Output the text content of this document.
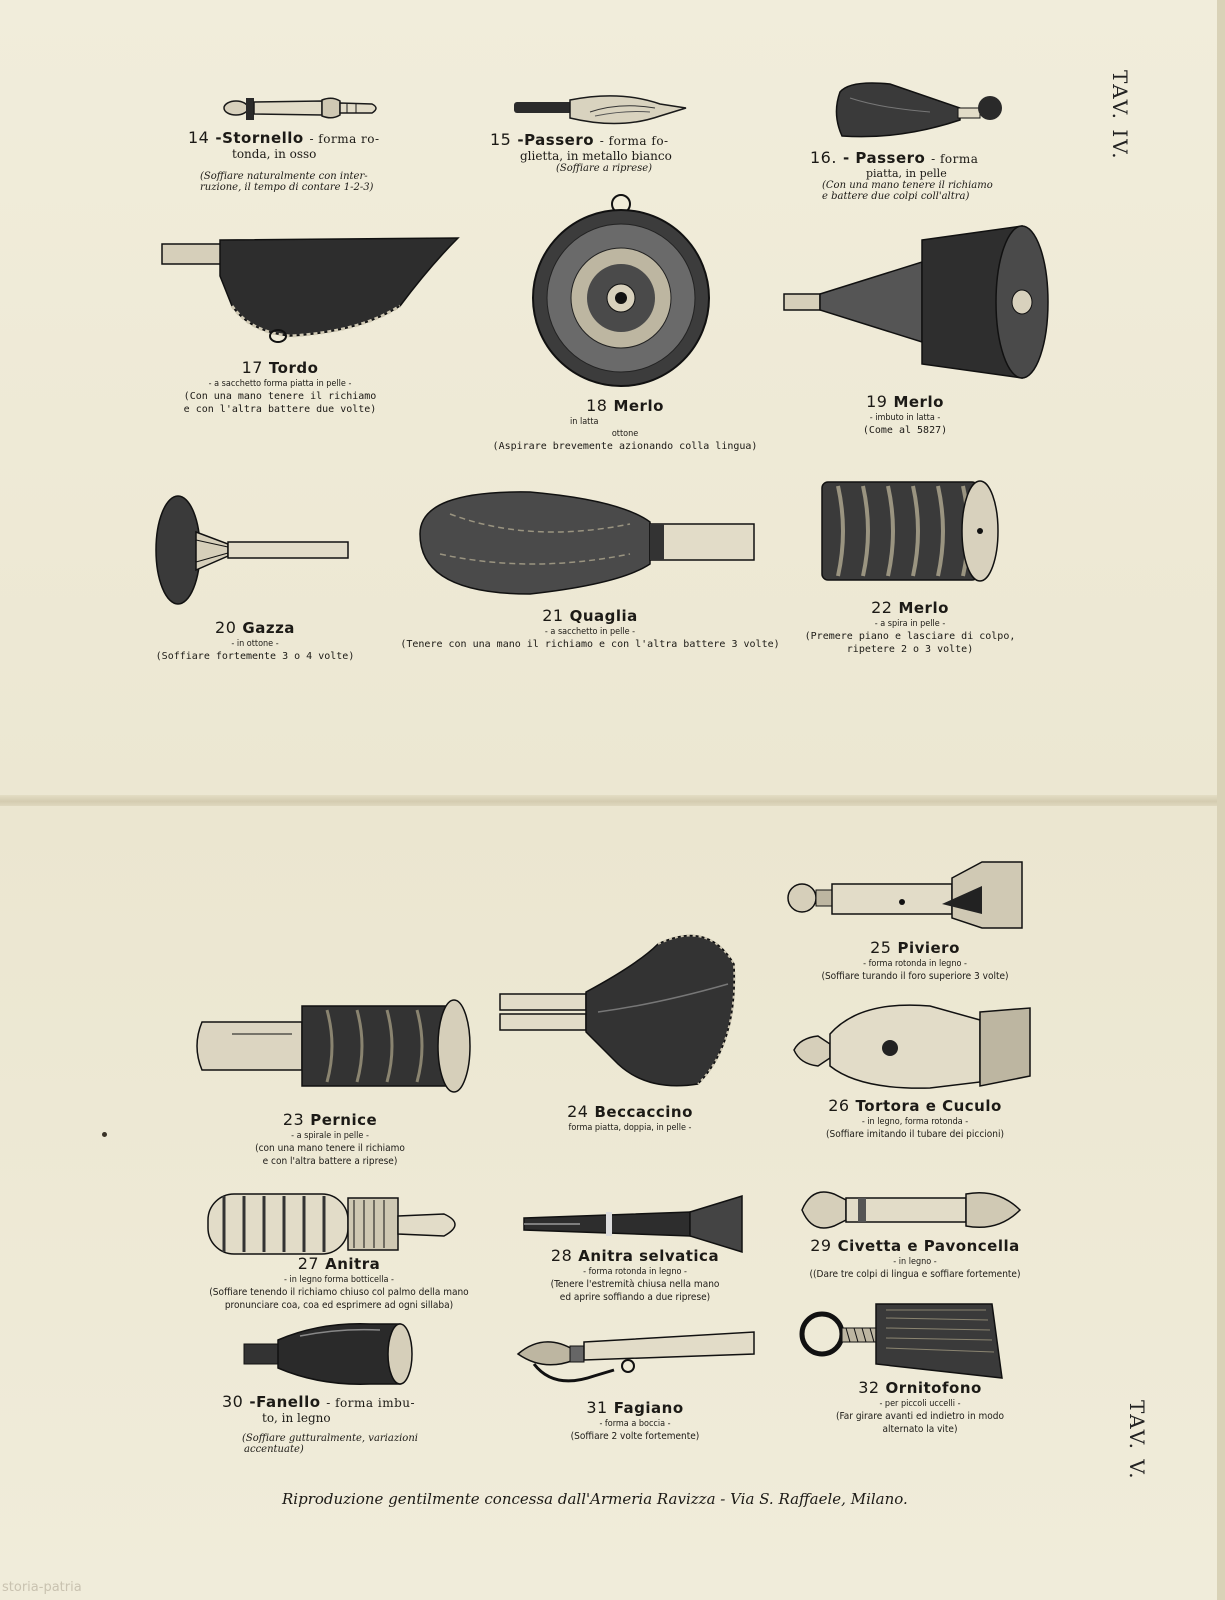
TAV. IV.
TAV. V.
14 -Stornello - forma ro-
tonda, in osso
(Soffiare naturalmente con inter-
ruzione, il tempo di contare 1-2-3)
15 -Passero - forma fo-
glietta, in metallo bianco
(Soffiare a riprese)
16. - Passero - forma
piatta, in pelle
(Con una mano tenere il richiamo
e battere due colpi coll'altra)
17 Tordo
- a sacchetto forma piatta in pelle -
(Con una mano tenere il richiamo
e con l'altra battere due volte)	18 Merlo
in latta
ottone
(Aspirare brevemente azionando colla lingua)
19 Merlo
- imbuto in latta -
(Come al 5827)
20 Gazza
- in ottone -
(Soffiare fortemente 3 o 4 volte)
21 Quaglia
- a sacchetto in pelle -
(Tenere con una mano il richiamo e con l'altra battere 3 volte)
22 Merlo
- a spira in pelle -
(Premere piano e lasciare di colpo,
ripetere 2 o 3 volte)
25 Piviero
- forma rotonda in legno -
(Soffiare turando il foro superiore 3 volte)
24 Beccaccino
forma piatta, doppia, in pelle -
23 Pernice
- a spirale in pelle -
(con una mano tenere il richiamo
e con l'altra battere a riprese)
26 Tortora e Cuculo
- in legno, forma rotonda -
(Soffiare imitando il tubare dei piccioni)
27 Anitra
- in legno forma botticella -
(Soffiare tenendo il richiamo chiuso col palmo della mano
pronunciare coa, coa ed esprimere ad ogni sillaba)
28 Anitra selvatica
- forma rotonda in legno -
(Tenere l'estremità chiusa nella mano
ed aprire soffiando a due riprese)
29 Civetta e Pavoncella
- in legno -
((Dare tre colpi di lingua e soffiare fortemente)
30 -Fanello - forma imbu-
to, in legno
(Soffiare gutturalmente, variazioni
accentuate)
31 Fagiano
- forma a boccia -
(Soffiare 2 volte fortemente)
32 Ornitofono
- per piccoli uccelli -
(Far girare avanti ed indietro in modo
alternato la vite)
Riproduzione gentilmente concessa dall'Armeria Ravizza - Via S. Raffaele, Milano.
storia-patria
